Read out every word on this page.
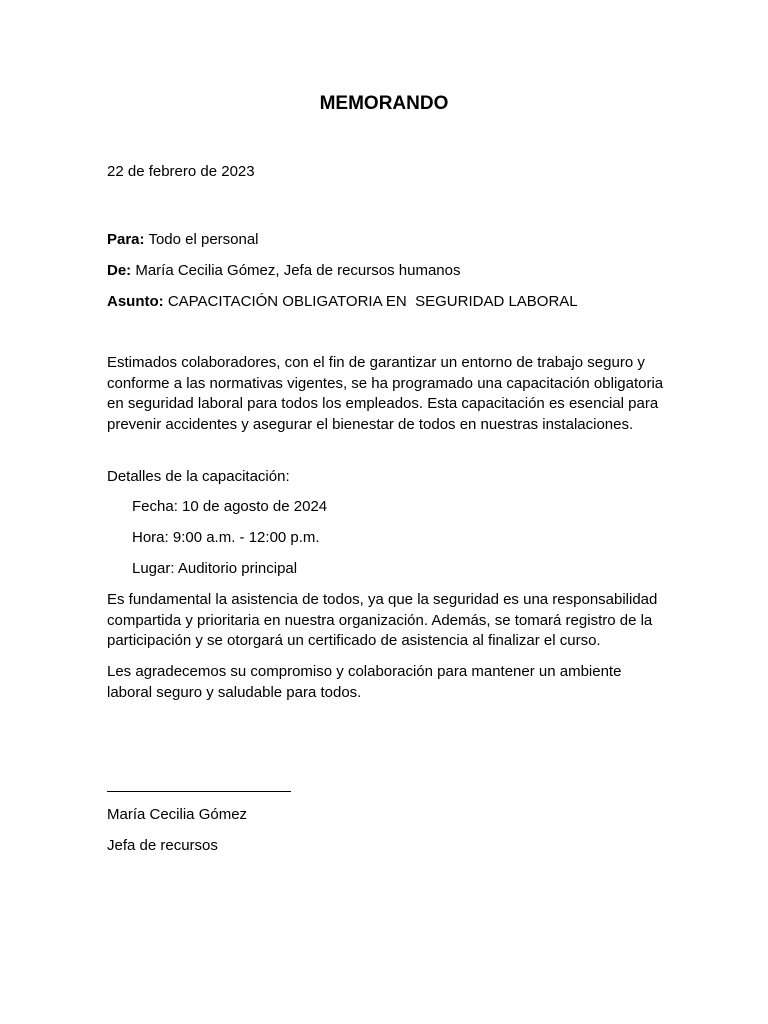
MEMORANDO
22 de febrero de 2023
Para: Todo el personal
De: María Cecilia Gómez, Jefa de recursos humanos
Asunto: CAPACITACIÓN OBLIGATORIA EN  SEGURIDAD LABORAL
Estimados colaboradores, con el fin de garantizar un entorno de trabajo seguro y conforme a las normativas vigentes, se ha programado una capacitación obligatoria en seguridad laboral para todos los empleados. Esta capacitación es esencial para prevenir accidentes y asegurar el bienestar de todos en nuestras instalaciones.
Detalles de la capacitación:
Fecha: 10 de agosto de 2024
Hora: 9:00 a.m. - 12:00 p.m.
Lugar: Auditorio principal
Es fundamental la asistencia de todos, ya que la seguridad es una responsabilidad compartida y prioritaria en nuestra organización. Además, se tomará registro de la participación y se otorgará un certificado de asistencia al finalizar el curso.
Les agradecemos su compromiso y colaboración para mantener un ambiente laboral seguro y saludable para todos.
María Cecilia Gómez
Jefa de recursos
